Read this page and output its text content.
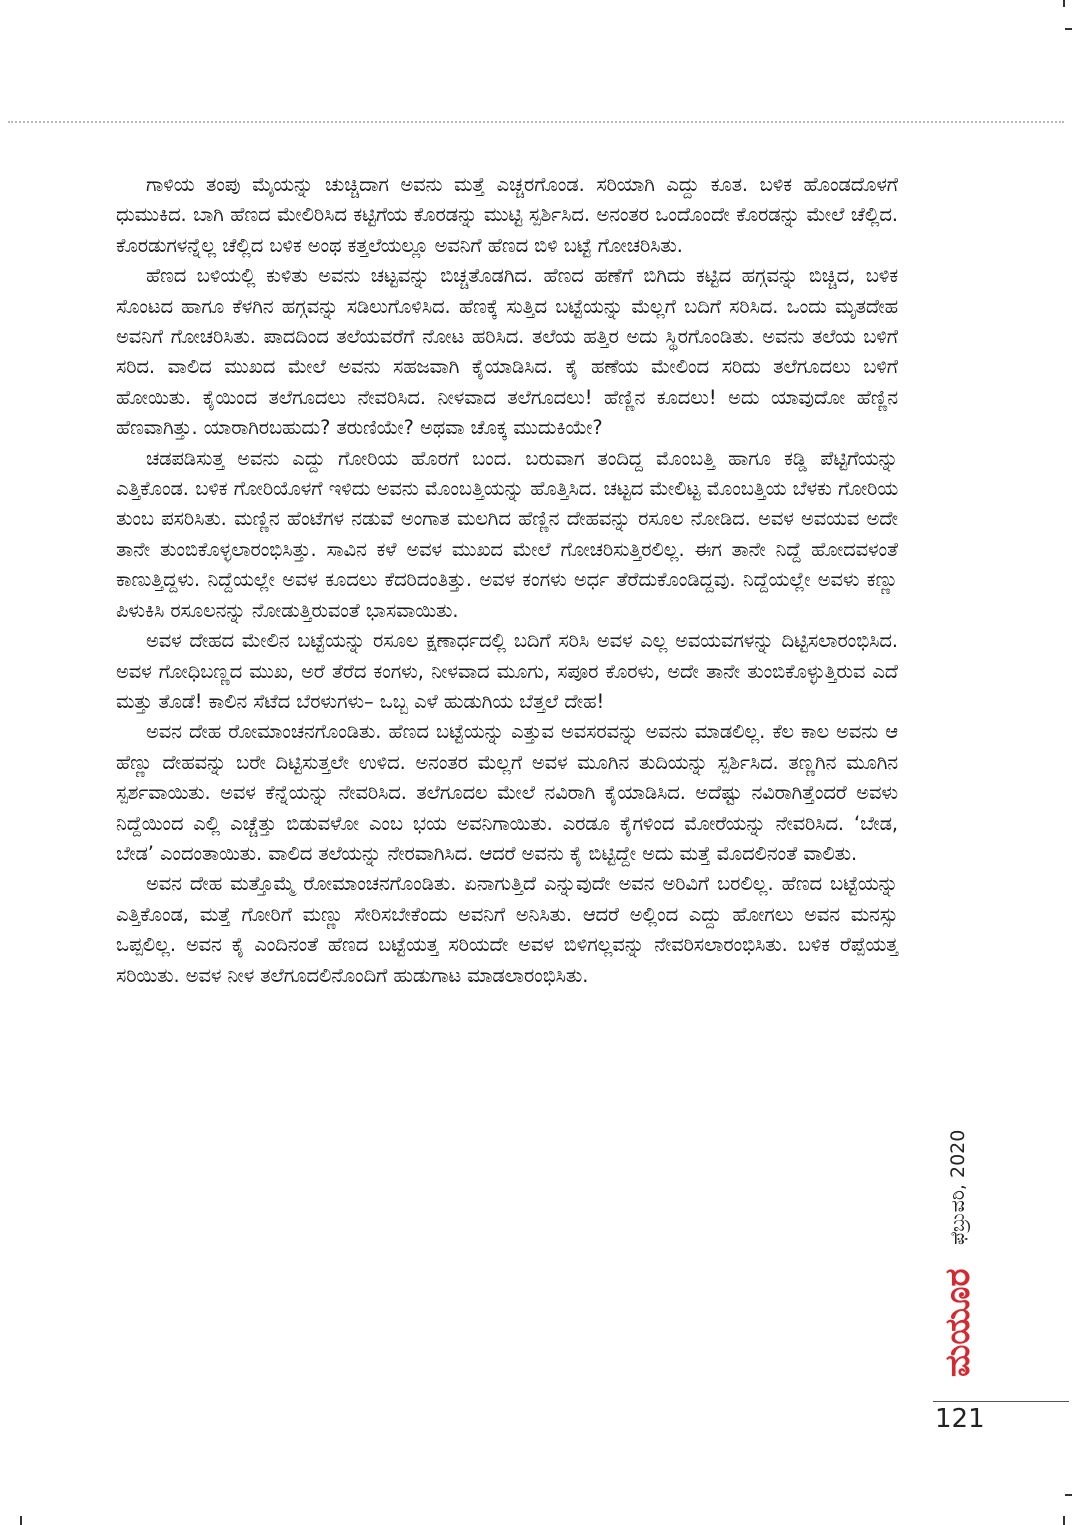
ಗಾಳಿಯ ತಂಪು ಮೈಯನ್ನು ಚುಚ್ಚಿದಾಗ ಅವನು ಮತ್ತೆ ಎಚ್ಚರಗೊಂಡ. ಸರಿಯಾಗಿ ಎದ್ದು ಕೂತ. ಬಳಿಕ ಹೊಂಡದೊಳಗೆ ಧುಮುಕಿದ. ಬಾಗಿ ಹೆಣದ ಮೇಲಿರಿಸಿದ ಕಟ್ಟಿಗೆಯ ಕೊರಡನ್ನು ಮುಟ್ಟಿ ಸ್ಪರ್ಶಿಸಿದ. ಅನಂತರ ಒಂದೊಂದೇ ಕೊರಡನ್ನು ಮೇಲೆ ಚೆಲ್ಲಿದ. ಕೊರಡುಗಳನ್ನೆಲ್ಲ ಚೆಲ್ಲಿದ ಬಳಿಕ ಅಂಥ ಕತ್ತಲೆಯಲ್ಲೂ ಅವನಿಗೆ ಹೆಣದ ಬಿಳಿ ಬಟ್ಟೆ ಗೋಚರಿಸಿತು.

ಹೆಣದ ಬಳಿಯಲ್ಲಿ ಕುಳಿತು ಅವನು ಚಟ್ಟವನ್ನು ಬಿಚ್ಚತೊಡಗಿದ. ಹೆಣದ ಹಣೆಗೆ ಬಿಗಿದು ಕಟ್ಟಿದ ಹಗ್ಗವನ್ನು ಬಿಚ್ಚಿದ, ಬಳಿಕ ಸೊಂಟದ ಹಾಗೂ ಕೆಳಗಿನ ಹಗ್ಗವನ್ನು ಸಡಿಲುಗೊಳಿಸಿದ. ಹೆಣಕ್ಕೆ ಸುತ್ತಿದ ಬಟ್ಟೆಯನ್ನು ಮೆಲ್ಲಗೆ ಬದಿಗೆ ಸರಿಸಿದ. ಒಂದು ಮೃತದೇಹ ಅವನಿಗೆ ಗೋಚರಿಸಿತು. ಪಾದದಿಂದ ತಲೆಯವರೆಗೆ ನೋಟ ಹರಿಸಿದ. ತಲೆಯ ಹತ್ತಿರ ಅದು ಸ್ಥಿರಗೊಂಡಿತು. ಅವನು ತಲೆಯ ಬಳಿಗೆ ಸರಿದ. ವಾಲಿದ ಮುಖದ ಮೇಲೆ ಅವನು ಸಹಜವಾಗಿ ಕೈಯಾಡಿಸಿದ. ಕೈ ಹಣೆಯ ಮೇಲಿಂದ ಸರಿದು ತಲೆಗೂದಲು ಬಳಿಗೆ ಹೋಯಿತು. ಕೈಯಿಂದ ತಲೆಗೂದಲು ನೇವರಿಸಿದ. ನೀಳವಾದ ತಲೆಗೂದಲು! ಹೆಣ್ಣಿನ ಕೂದಲು! ಅದು ಯಾವುದೋ ಹೆಣ್ಣಿನ ಹೆಣವಾಗಿತ್ತು. ಯಾರಾಗಿರಬಹುದು? ತರುಣಿಯೇ? ಅಥವಾ ಚೊಕ್ಕ ಮುದುಕಿಯೇ?

ಚಡಪಡಿಸುತ್ತ ಅವನು ಎದ್ದು ಗೋರಿಯ ಹೊರಗೆ ಬಂದ. ಬರುವಾಗ ತಂದಿದ್ದ ಮೊಂಬತ್ತಿ ಹಾಗೂ ಕಡ್ಡಿ ಪೆಟ್ಟಿಗೆಯನ್ನು ಎತ್ತಿಕೊಂಡ. ಬಳಿಕ ಗೋರಿಯೊಳಗೆ ಇಳಿದು ಅವನು ಮೊಂಬತ್ತಿಯನ್ನು ಹೊತ್ತಿಸಿದ. ಚಟ್ಟದ ಮೇಲಿಟ್ಟ ಮೊಂಬತ್ತಿಯ ಬೆಳಕು ಗೋರಿಯ ತುಂಬ ಪಸರಿಸಿತು. ಮಣ್ಣಿನ ಹೆಂಟೆಗಳ ನಡುವೆ ಅಂಗಾತ ಮಲಗಿದ ಹೆಣ್ಣಿನ ದೇಹವನ್ನು ರಸೂಲ ನೋಡಿದ. ಅವಳ ಅವಯವ ಅದೇ ತಾನೇ ತುಂಬಿಕೊಳ್ಳಲಾರಂಭಿಸಿತ್ತು. ಸಾವಿನ ಕಳೆ ಅವಳ ಮುಖದ ಮೇಲೆ ಗೋಚರಿಸುತ್ತಿರಲಿಲ್ಲ. ಈಗ ತಾನೇ ನಿದ್ದೆ ಹೋದವಳಂತೆ ಕಾಣುತ್ತಿದ್ದಳು. ನಿದ್ದೆಯಲ್ಲೇ ಅವಳ ಕೂದಲು ಕೆದರಿದಂತಿತ್ತು. ಅವಳ ಕಂಗಳು ಅರ್ಧ ತೆರೆದುಕೊಂಡಿದ್ದವು. ನಿದ್ದೆಯಲ್ಲೇ ಅವಳು ಕಣ್ಣು ಪಿಳುಕಿಸಿ ರಸೂಲನನ್ನು ನೋಡುತ್ತಿರುವಂತೆ ಭಾಸವಾಯಿತು.

ಅವಳ ದೇಹದ ಮೇಲಿನ ಬಟ್ಟೆಯನ್ನು ರಸೂಲ ಕ್ಷಣಾರ್ಧದಲ್ಲಿ ಬದಿಗೆ ಸರಿಸಿ ಅವಳ ಎಲ್ಲ ಅವಯವಗಳನ್ನು ದಿಟ್ಟಿಸಲಾರಂಭಿಸಿದ. ಅವಳ ಗೋಧಿಬಣ್ಣದ ಮುಖ, ಅರೆ ತೆರೆದ ಕಂಗಳು, ನೀಳವಾದ ಮೂಗು, ಸಪೂರ ಕೊರಳು, ಅದೇ ತಾನೇ ತುಂಬಿಕೊಳ್ಳುತ್ತಿರುವ ಎದೆ ಮತ್ತು ತೊಡೆ! ಕಾಲಿನ ಸೆಟೆದ ಬೆರಳುಗಳು– ಒಬ್ಬ ಎಳೆ ಹುಡುಗಿಯ ಬೆತ್ತಲೆ ದೇಹ!

ಅವನ ದೇಹ ರೋಮಾಂಚನಗೊಂಡಿತು. ಹೆಣದ ಬಟ್ಟೆಯನ್ನು ಎತ್ತುವ ಅವಸರವನ್ನು ಅವನು ಮಾಡಲಿಲ್ಲ. ಕೆಲ ಕಾಲ ಅವನು ಆ ಹೆಣ್ಣು ದೇಹವನ್ನು ಬರೇ ದಿಟ್ಟಿಸುತ್ತಲೇ ಉಳಿದ. ಅನಂತರ ಮೆಲ್ಲಗೆ ಅವಳ ಮೂಗಿನ ತುದಿಯನ್ನು ಸ್ಪರ್ಶಿಸಿದ. ತಣ್ಣಗಿನ ಮೂಗಿನ ಸ್ಪರ್ಶವಾಯಿತು. ಅವಳ ಕೆನ್ನೆಯನ್ನು ನೇವರಿಸಿದ. ತಲೆಗೂದಲ ಮೇಲೆ ನವಿರಾಗಿ ಕೈಯಾಡಿಸಿದ. ಅದೆಷ್ಟು ನವಿರಾಗಿತ್ತೆಂದರೆ ಅವಳು ನಿದ್ದೆಯಿಂದ ಎಲ್ಲಿ ಎಚ್ಚೆತ್ತು ಬಿಡುವಳೋ ಎಂಬ ಭಯ ಅವನಿಗಾಯಿತು. ಎರಡೂ ಕೈಗಳಿಂದ ಮೋರೆಯನ್ನು ನೇವರಿಸಿದ. ‘ಬೇಡ, ಬೇಡ’ ಎಂದಂತಾಯಿತು. ವಾಲಿದ ತಲೆಯನ್ನು ನೇರವಾಗಿಸಿದ. ಆದರೆ ಅವನು ಕೈ ಬಿಟ್ಟಿದ್ದೇ ಅದು ಮತ್ತೆ ಮೊದಲಿನಂತೆ ವಾಲಿತು.

ಅವನ ದೇಹ ಮತ್ತೊಮ್ಮೆ ರೋಮಾಂಚನಗೊಂಡಿತು. ಏನಾಗುತ್ತಿದೆ ಎನ್ನುವುದೇ ಅವನ ಅರಿವಿಗೆ ಬರಲಿಲ್ಲ. ಹೆಣದ ಬಟ್ಟೆಯನ್ನು ಎತ್ತಿಕೊಂಡ, ಮತ್ತೆ ಗೋರಿಗೆ ಮಣ್ಣು ಸೇರಿಸಬೇಕೆಂದು ಅವನಿಗೆ ಅನಿಸಿತು. ಆದರೆ ಅಲ್ಲಿಂದ ಎದ್ದು ಹೋಗಲು ಅವನ ಮನಸ್ಸು ಒಪ್ಪಲಿಲ್ಲ. ಅವನ ಕೈ ಎಂದಿನಂತೆ ಹೆಣದ ಬಟ್ಟೆಯತ್ತ ಸರಿಯದೇ ಅವಳ ಬಿಳಿಗಲ್ಲವನ್ನು ನೇವರಿಸಲಾರಂಭಿಸಿತು. ಬಳಿಕ ರೆಪ್ಪೆಯತ್ತ ಸರಿಯಿತು. ಅವಳ ನೀಳ ತಲೆಗೂದಲಿನೊಂದಿಗೆ ಹುಡುಗಾಟ ಮಾಡಲಾರಂಭಿಸಿತು.

ಫೆಬ್ರುವರಿ, 2020
ಮಯೂರ
121
